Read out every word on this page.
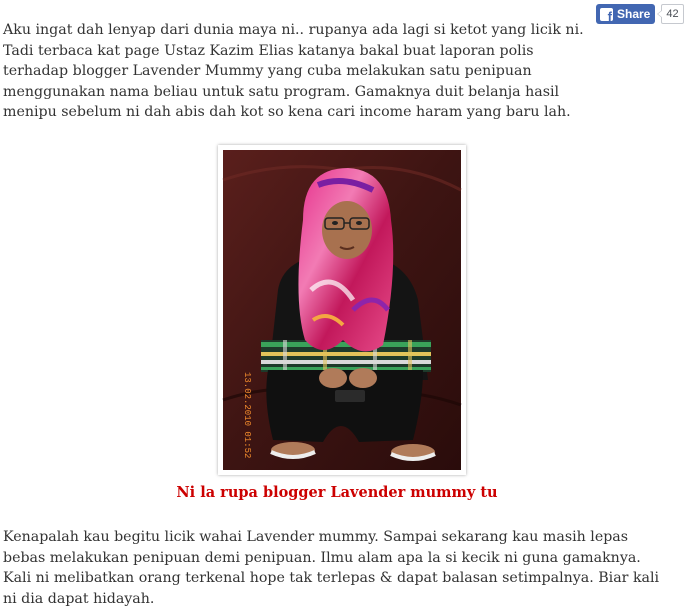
f Share	42

Aku ingat dah lenyap dari dunia maya ni.. rupanya ada lagi si ketot yang licik ni. Tadi terbaca kat page Ustaz Kazim Elias katanya bakal buat laporan polis terhadap blogger Lavender Mummy yang cuba melakukan satu penipuan menggunakan nama beliau untuk satu program. Gamaknya duit belanja hasil menipu sebelum ni dah abis dah kot so kena cari income haram yang baru lah.

13.02.2010 01:52

Ni la rupa blogger Lavender mummy tu

Kenapalah kau begitu licik wahai Lavender mummy. Sampai sekarang kau masih lepas bebas melakukan penipuan demi penipuan. Ilmu alam apa la si kecik ni guna gamaknya. Kali ni melibatkan orang terkenal hope tak terlepas & dapat balasan setimpalnya. Biar kali ni dia dapat hidayah.
